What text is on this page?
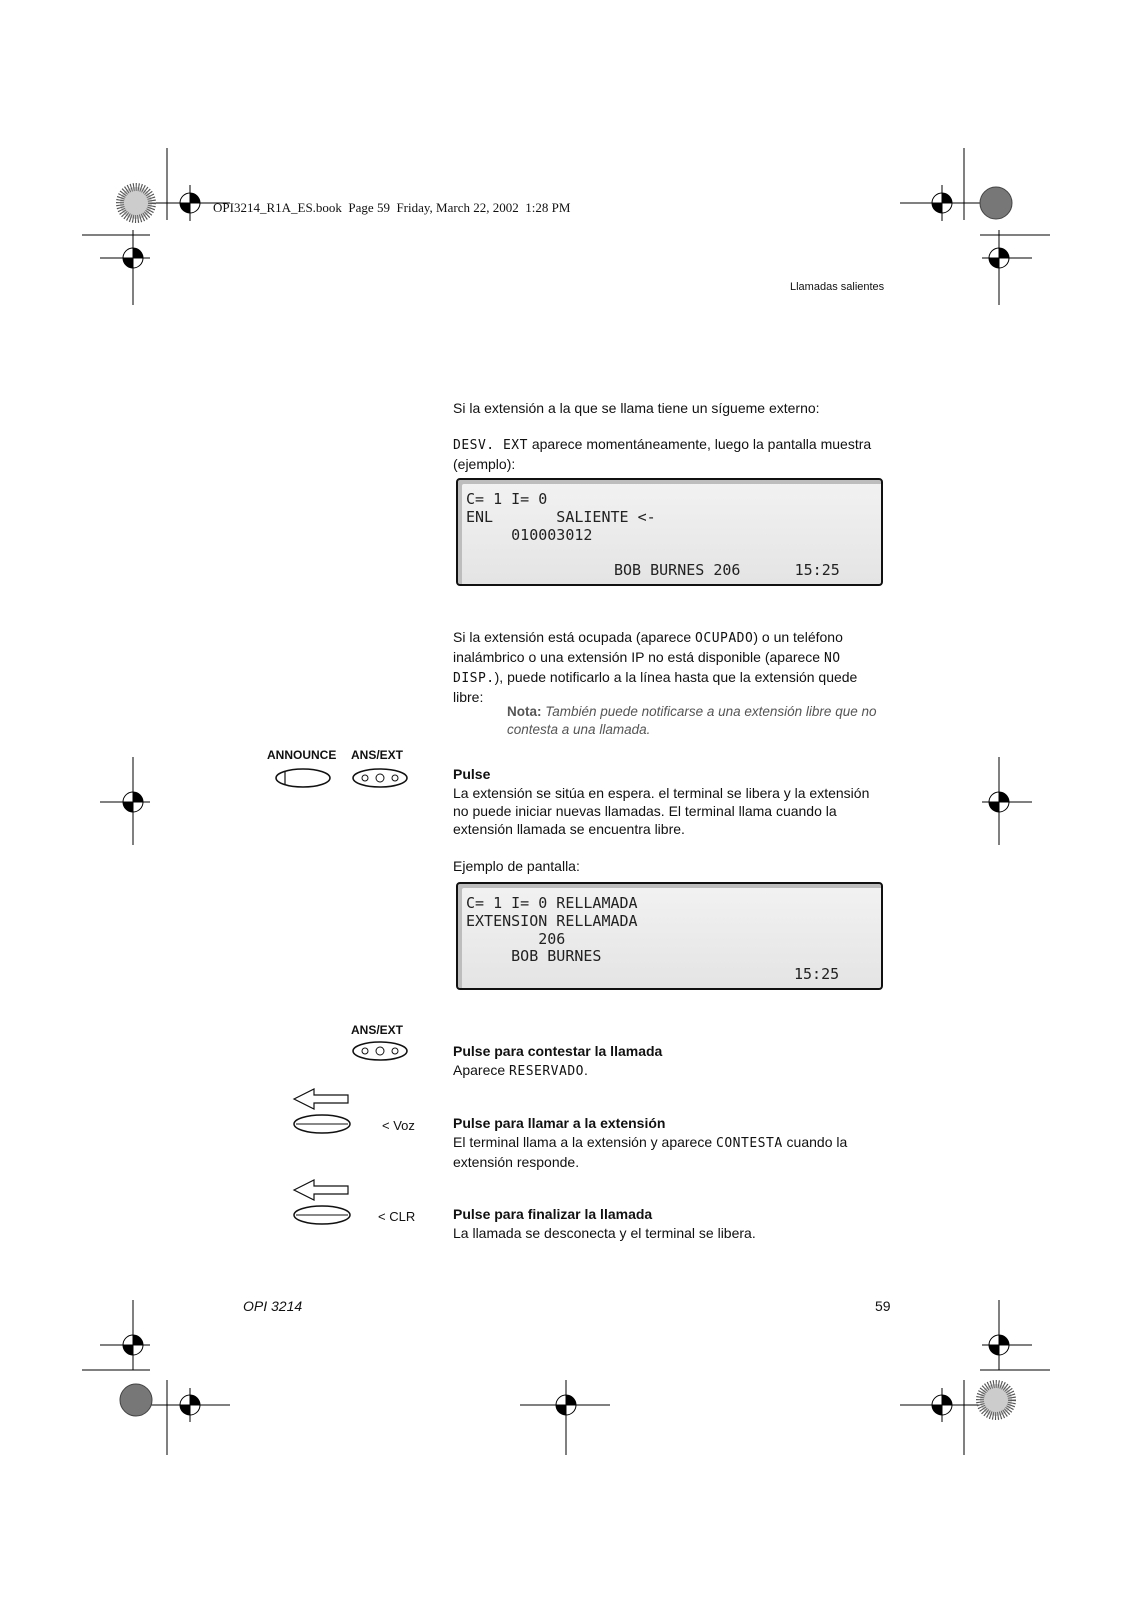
OPI3214_R1A_ES.book  Page 59  Friday, March 22, 2002  1:28 PM
Llamadas salientes
Si la extensión a la que se llama tiene un sígueme externo:
DESV. EXT aparece momentáneamente, luego la pantalla muestra (ejemplo):
C= 1 I= 0
ENL       SALIENTE <-
010003012
BOB BURNES 206      15:25
Si la extensión está ocupada (aparece OCUPADO) o un teléfono inalámbrico o una extensión IP no está disponible (aparece NO DISP.), puede notificarlo a la línea hasta que la extensión quede libre:
Nota: También puede notificarse a una extensión libre que no contesta a una llamada.
ANNOUNCE ANS/EXT
Pulse
La extensión se sitúa en espera. el terminal se libera y la extensión no puede iniciar nuevas llamadas. El terminal llama cuando la extensión llamada se encuentra libre.
Ejemplo de pantalla:
C= 1 I= 0 RELLAMADA
EXTENSION RELLAMADA
206
BOB BURNES
15:25
ANS/EXT
Pulse para contestar la llamada
Aparece RESERVADO.
< Voz	Pulse para llamar a la extensión
El terminal llama a la extensión y aparece CONTESTA cuando la extensión responde.
< CLR	Pulse para finalizar la llamada
La llamada se desconecta y el terminal se libera.
OPI 3214	59
